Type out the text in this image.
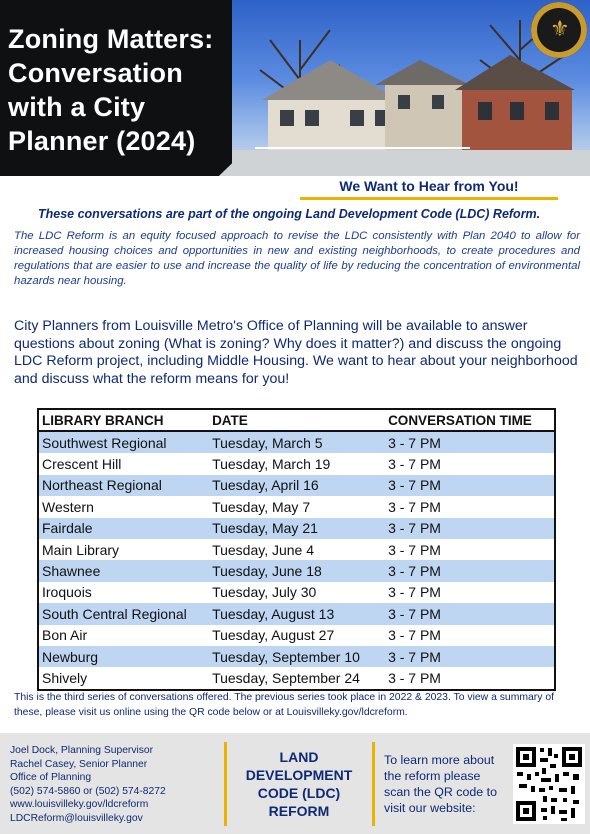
Zoning Matters: Conversation with a City Planner (2024)
⚜
We Want to Hear from You!
These conversations are part of the ongoing Land Development Code (LDC) Reform.
The LDC Reform is an equity focused approach to revise the LDC consistently with Plan 2040 to allow for increased housing choices and opportunities in new and existing neighborhoods, to create procedures and regulations that are easier to use and increase the quality of life by reducing the concentration of environmental hazards near housing.
City Planners from Louisville Metro's Office of Planning will be available to answer questions about zoning (What is zoning? Why does it matter?) and discuss the ongoing LDC Reform project, including Middle Housing. We want to hear about your neighborhood and discuss what the reform means for you!
LIBRARY BRANCH	DATE	CONVERSATION TIME
Southwest Regional	Tuesday, March 5	3 - 7 PM
Crescent Hill	Tuesday, March 19	3 - 7 PM
Northeast Regional	Tuesday, April 16	3 - 7 PM
Western	Tuesday, May 7	3 - 7 PM
Fairdale	Tuesday, May 21	3 - 7 PM
Main Library	Tuesday, June 4	3 - 7 PM
Shawnee	Tuesday, June 18	3 - 7 PM
Iroquois	Tuesday, July 30	3 - 7 PM
South Central Regional	Tuesday, August 13	3 - 7 PM
Bon Air	Tuesday, August 27	3 - 7 PM
Newburg	Tuesday, September 10	3 - 7 PM
Shively	Tuesday, September 24	3 - 7 PM
This is the third series of conversations offered. The previous series took place in 2022 & 2023. To view a summary of these, please visit us online using the QR code below or at Louisvilleky.gov/ldcreform.
Joel Dock, Planning Supervisor
Rachel Casey, Senior Planner
Office of Planning
(502) 574-5860 or (502) 574-8272
www.louisvilleky.gov/ldcreform
LDCReform@louisvilleky.gov
LAND DEVELOPMENT CODE (LDC) REFORM
To learn more about the reform please scan the QR code to visit our website:
